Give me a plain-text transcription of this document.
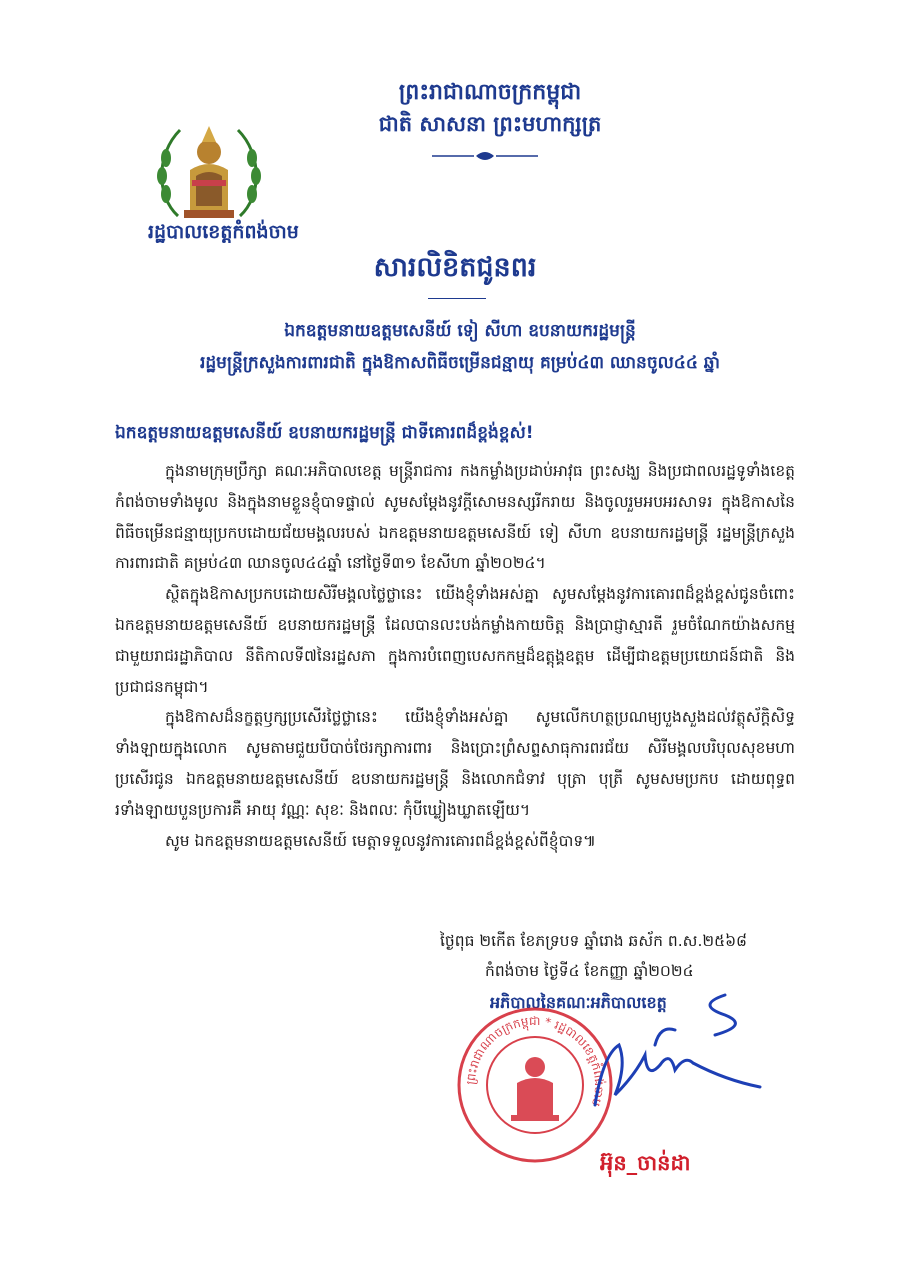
រដ្ឋបាលខេត្តកំពង់ចាម
ព្រះរាជាណាចក្រកម្ពុជា
ជាតិ សាសនា ព្រះមហាក្សត្រ
សារលិខិតជូនពរ
ឯកឧត្តមនាយឧត្តមសេនីយ៍ ទៀ សីហា ឧបនាយករដ្ឋមន្ត្រី
រដ្ឋមន្ត្រីក្រសួងការពារជាតិ ក្នុងឱកាសពិធីចម្រើនជន្មាយុ គម្រប់៤៣ ឈានចូល៤៤ ឆ្នាំ
ឯកឧត្តមនាយឧត្តមសេនីយ៍ ឧបនាយករដ្ឋមន្ត្រី ជាទីគោរពដ៏ខ្ពង់ខ្ពស់!

ក្នុងនាមក្រុមប្រឹក្សា គណៈអភិបាលខេត្ត មន្ត្រីរាជការ កងកម្លាំងប្រដាប់អាវុធ ព្រះសង្ឃ និងប្រជាពលរដ្ឋទូទាំងខេត្តកំពង់ចាមទាំងមូល និងក្នុងនាមខ្លួនខ្ញុំបាទផ្ទាល់ សូមសម្ដែងនូវក្ដីសោមនស្សរីករាយ និងចូលរួមអបអរសាទរ ក្នុងឱកាសនៃពិធីចម្រើនជន្មាយុប្រកបដោយជ័យមង្គលរបស់ ឯកឧត្តមនាយឧត្តមសេនីយ៍ ទៀ សីហា ឧបនាយករដ្ឋមន្ត្រី រដ្ឋមន្ត្រីក្រសួងការពារជាតិ គម្រប់៤៣ ឈានចូល៤៤ឆ្នាំ នៅថ្ងៃទី៣១ ខែសីហា ឆ្នាំ២០២៤។

ស្ថិតក្នុងឱកាសប្រកបដោយសិរីមង្គលថ្លៃថ្លានេះ យើងខ្ញុំទាំងអស់គ្នា សូមសម្ដែងនូវការគោរពដ៏ខ្ពង់ខ្ពស់ជូនចំពោះ ឯកឧត្តមនាយឧត្តមសេនីយ៍ ឧបនាយករដ្ឋមន្ត្រី ដែលបានលះបង់កម្លាំងកាយចិត្ត និងប្រាជ្ញាស្មារតី រួមចំណែកយ៉ាងសកម្មជាមួយរាជរដ្ឋាភិបាល នីតិកាលទី៧នៃរដ្ឋសភា ក្នុងការបំពេញបេសកកម្មដ៏ឧត្ដុង្គឧត្ដម ដើម្បីជាឧត្ដមប្រយោជន៍ជាតិ និងប្រជាជនកម្ពុជា។

ក្នុងឱកាសដ៏នក្ខត្តឫក្សប្រសើរថ្លៃថ្លានេះ យើងខ្ញុំទាំងអស់គ្នា សូមលើកហត្ថប្រណម្យបួងសួងដល់វត្ថុស័ក្ដិសិទ្ធទាំងឡាយក្នុងលោក សូមតាមជួយបីបាច់ថែរក្សាការពារ និងប្រោះព្រំសព្ទសាធុការពរជ័យ សិរីមង្គលបរិបុលសុខមហាប្រសើរជូន ឯកឧត្តមនាយឧត្តមសេនីយ៍ ឧបនាយករដ្ឋមន្ត្រី និងលោកជំទាវ បុត្រា បុត្រី សូមសមប្រកប ដោយពុទ្ធពរទាំងឡាយបួនប្រការគឺ អាយុ វណ្ណៈ សុខៈ និងពលៈ កុំបីឃ្លៀងឃ្លាតឡើយ។

សូម ឯកឧត្តមនាយឧត្តមសេនីយ៍ មេត្តាទទួលនូវការគោរពដ៏ខ្ពង់ខ្ពស់ពីខ្ញុំបាទ៕

ថ្ងៃពុធ ២កើត ខែភទ្របទ ឆ្នាំរោង ឆស័ក ព.ស.២៥៦៨
កំពង់ចាម ថ្ងៃទី៤ ខែកញ្ញា ឆ្នាំ២០២៤
អភិបាលនៃគណៈអភិបាលខេត្ត
ព្រះរាជាណាចក្រកម្ពុជា * រដ្ឋបាលខេត្តកំពង់ចាម
អ៊ុន_ចាន់ដា
